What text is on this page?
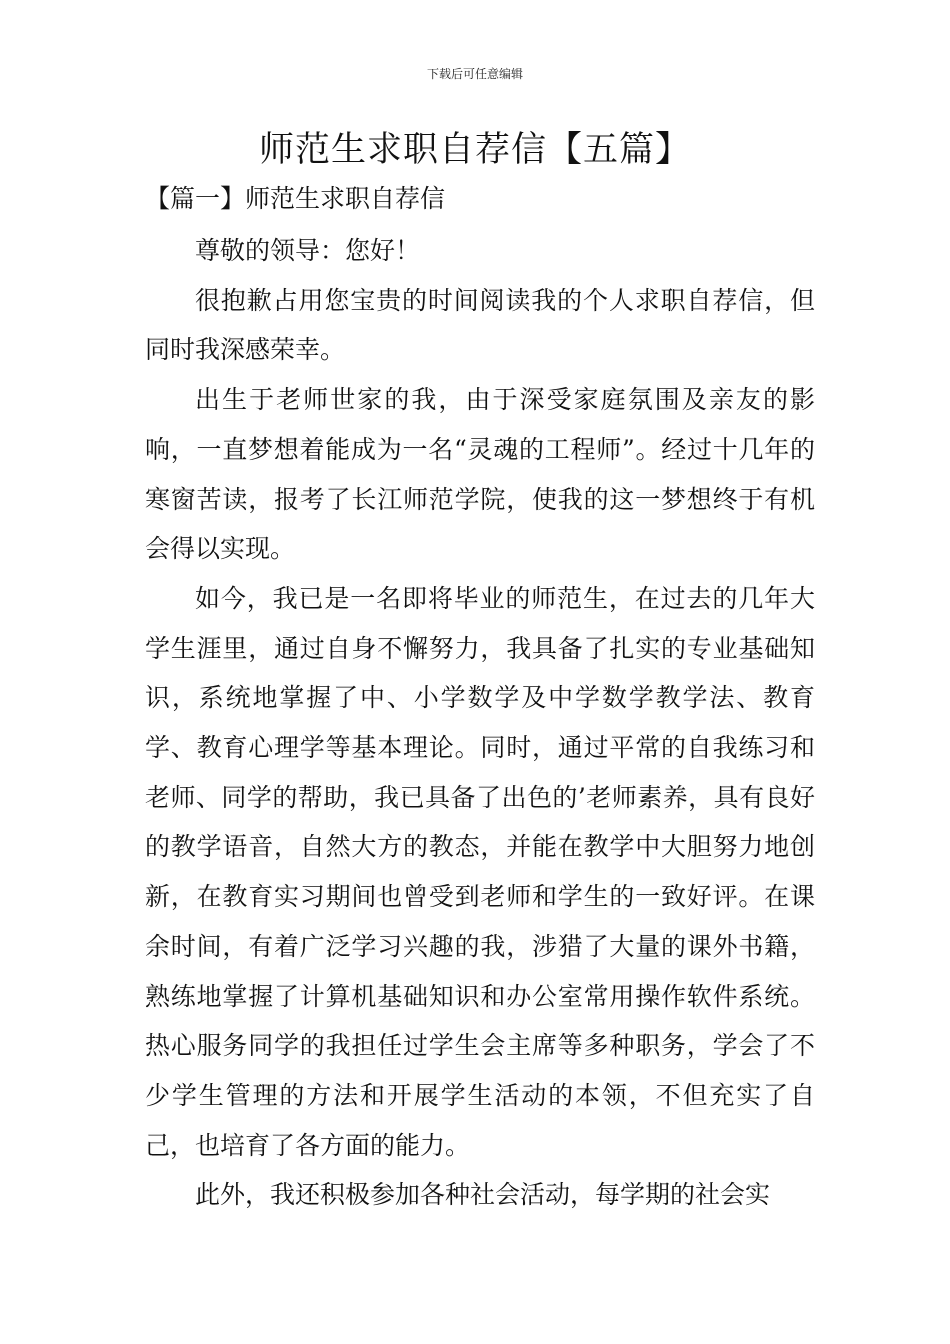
下载后可任意编辑
师范生求职自荐信【五篇】
【篇一】师范生求职自荐信

尊敬的领导：您好！

很抱歉占用您宝贵的时间阅读我的个人求职自荐信，但同时我深感荣幸。

出生于老师世家的我，由于深受家庭氛围及亲友的影响，一直梦想着能成为一名“灵魂的工程师”。经过十几年的寒窗苦读，报考了长江师范学院，使我的这一梦想终于有机会得以实现。

如今，我已是一名即将毕业的师范生，在过去的几年大学生涯里，通过自身不懈努力，我具备了扎实的专业基础知识，系统地掌握了中、小学数学及中学数学教学法、教育学、教育心理学等基本理论。同时，通过平常的自我练习和老师、同学的帮助，我已具备了出色的’老师素养，具有良好的教学语音，自然大方的教态，并能在教学中大胆努力地创新，在教育实习期间也曾受到老师和学生的一致好评。在课余时间，有着广泛学习兴趣的我，涉猎了大量的课外书籍，熟练地掌握了计算机基础知识和办公室常用操作软件系统。热心服务同学的我担任过学生会主席等多种职务，学会了不少学生管理的方法和开展学生活动的本领，不但充实了自己，也培育了各方面的能力。

此外，我还积极参加各种社会活动，每学期的社会实
